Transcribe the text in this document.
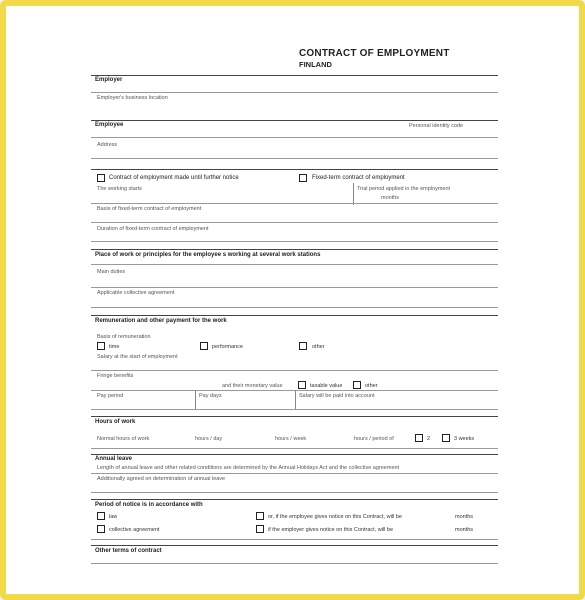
CONTRACT OF EMPLOYMENT
FINLAND
Employer
Employer's business location
Employee	Personal identity code
Address
Contract of employment made until further notice	Fixed-term contract of employment
The working starts	Trial period applied in the employment
months
Basis of fixed-term contract of employment
Duration of fixed-term contract of employment
Place of work or principles for the employee s working at several work stations
Main duties
Applicable collective agreement
Remuneration and other payment for the work
Basis of remuneration
time	performance	other
Salary at the start of employment
Fringe benefits
and their monetary value	taxable value	other
Pay period	Pay days	Salary will be paid into account
Hours of work
Normal hours of work	hours / day	hours / week	hours / period of	2	3 weeks
Annual leave
Length of annual leave and other related conditions are determined by the Annual Holidays Act and the collective agreement
Additionally agreed on determination of annual leave
Period of notice is in accordance with
law	or, if the employee gives notice on this Contract, will be	months
collective agreement	if the employer gives notice on this Contract, will be	months
Other terms of contract
